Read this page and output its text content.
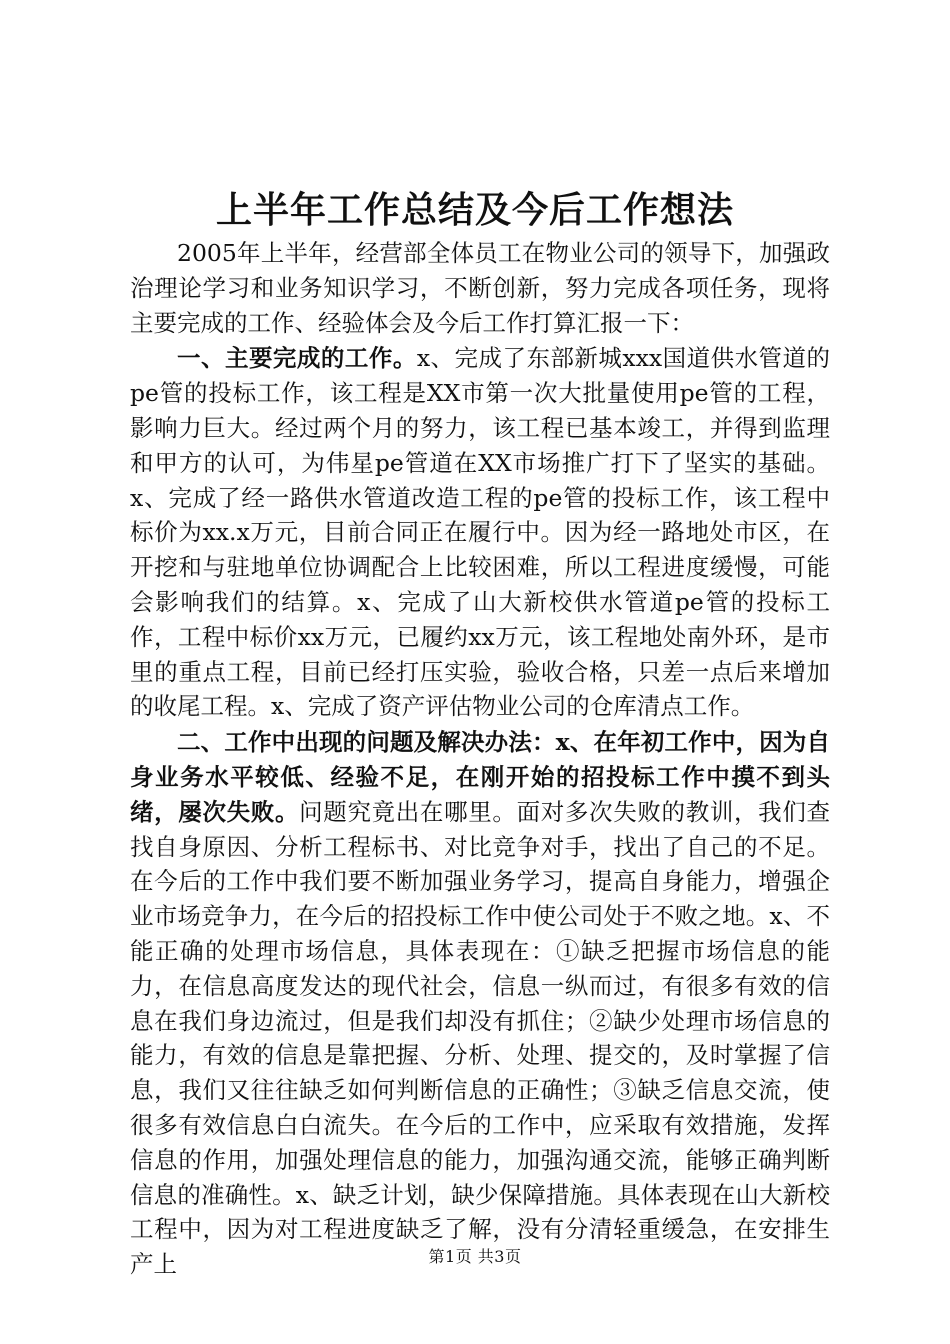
上半年工作总结及今后工作想法

2005年上半年，经营部全体员工在物业公司的领导下，加强政治理论学习和业务知识学习，不断创新，努力完成各项任务，现将主要完成的工作、经验体会及今后工作打算汇报一下：

一、主要完成的工作。x、完成了东部新城xxx国道供水管道的pe管的投标工作，该工程是XX市第一次大批量使用pe管的工程，影响力巨大。经过两个月的努力，该工程已基本竣工，并得到监理和甲方的认可，为伟星pe管道在XX市场推广打下了坚实的基础。x、完成了经一路供水管道改造工程的pe管的投标工作，该工程中标价为xx.x万元，目前合同正在履行中。因为经一路地处市区，在开挖和与驻地单位协调配合上比较困难，所以工程进度缓慢，可能会影响我们的结算。x、完成了山大新校供水管道pe管的投标工作，工程中标价xx万元，已履约xx万元，该工程地处南外环，是市里的重点工程，目前已经打压实验，验收合格，只差一点后来增加的收尾工程。x、完成了资产评估物业公司的仓库清点工作。

二、工作中出现的问题及解决办法：x、在年初工作中，因为自身业务水平较低、经验不足，在刚开始的招投标工作中摸不到头绪，屡次失败。问题究竟出在哪里。面对多次失败的教训，我们查找自身原因、分析工程标书、对比竞争对手，找出了自己的不足。在今后的工作中我们要不断加强业务学习，提高自身能力，增强企业市场竞争力，在今后的招投标工作中使公司处于不败之地。x、不能正确的处理市场信息，具体表现在：①缺乏把握市场信息的能力，在信息高度发达的现代社会，信息一纵而过，有很多有效的信息在我们身边流过，但是我们却没有抓住；②缺少处理市场信息的能力，有效的信息是靠把握、分析、处理、提交的，及时掌握了信息，我们又往往缺乏如何判断信息的正确性；③缺乏信息交流，使很多有效信息白白流失。在今后的工作中，应采取有效措施，发挥信息的作用，加强处理信息的能力，加强沟通交流，能够正确判断信息的准确性。x、缺乏计划，缺少保障措施。具体表现在山大新校工程中，因为对工程进度缺乏了解，没有分清轻重缓急，在安排生产上	第1页 共3页
